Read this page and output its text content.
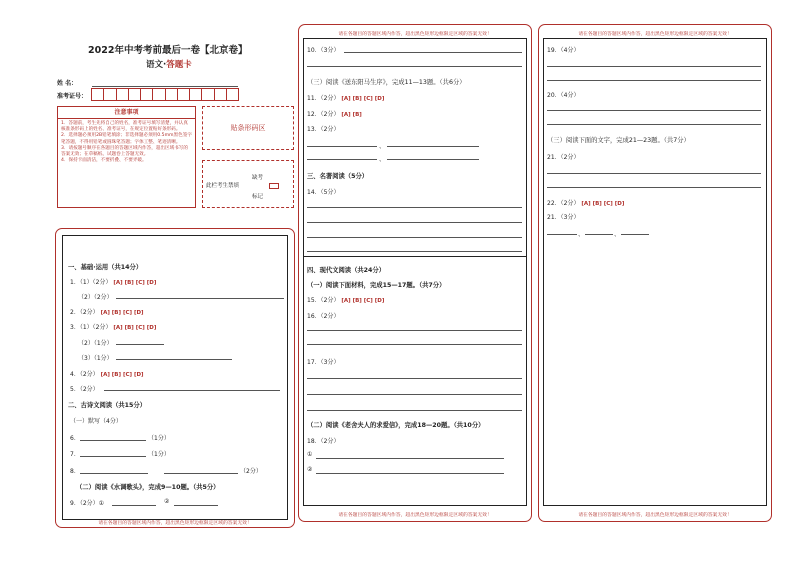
2022年中考考前最后一卷【北京卷】
语文·答题卡
姓 名：
准考证号：
注意事项
1．答题前，考生先将自己的姓名，准考证号填写清楚，并认真核准条形码上的姓名、准考证号，在规定位置贴好条形码。
2．选择题必须用2B铅笔填涂；非选择题必须用0.5mm黑色签字笔答题，不得用铅笔或圆珠笔答题；字体工整、笔迹清晰。
3．请按题号顺序在各题目的答题区域内作答，超出区域书写的答案无效；在草稿纸、试题卷上答题无效。
4．保持卡面清洁，不要折叠、不要弄破。
贴条形码区
此栏考生禁填
缺考
标记
一、基础·运用（共14分）
1．（1）（2分） [A] [B] [C] [D]
（2）（2分）
2．（2分） [A] [B] [C] [D]
3．（1）（2分） [A] [B] [C] [D]
（2）（1分）
（3）（1分）
4．（2分） [A] [B] [C] [D]
5．（2分）
二、古诗文阅读（共15分）
（一）默写（4分）
6．	（1分）
7．	（1分）
8．	（2分）
（二）阅读《水调歌头》，完成9—10题。（共5分）
9．（2分）①	②
请在各题目的答题区域内作答，超出黑色矩形边框限定区域的答案无效！
请在各题目的答题区域内作答，超出黑色矩形边框限定区域的答案无效！
10．（3分）
（三）阅读《送东阳马生序》，完成11—13题。（共6分）
11．（2分） [A] [B] [C] [D]
12．（2分） [A] [B]
13．（2分）
、
、
三、名著阅读（5分）
14．（5分）
四、现代文阅读（共24分）
（一）阅读下面材料，完成15—17题。（共7分）
15．（2分） [A] [B] [C] [D]
16．（2分）
17．（3分）
（二）阅读《老舍夫人的求爱信》，完成18—20题。（共10分）
18．（2分）
①
②
请在各题目的答题区域内作答，超出黑色矩形边框限定区域的答案无效！
请在各题目的答题区域内作答，超出黑色矩形边框限定区域的答案无效！
19．（4分）
20．（4分）
（三）阅读下面的文字，完成21—23题。（共7分）
21．（2分）
22．（2分） [A] [B] [C] [D]
21．（3分）
、	、
请在各题目的答题区域内作答，超出黑色矩形边框限定区域的答案无效！
